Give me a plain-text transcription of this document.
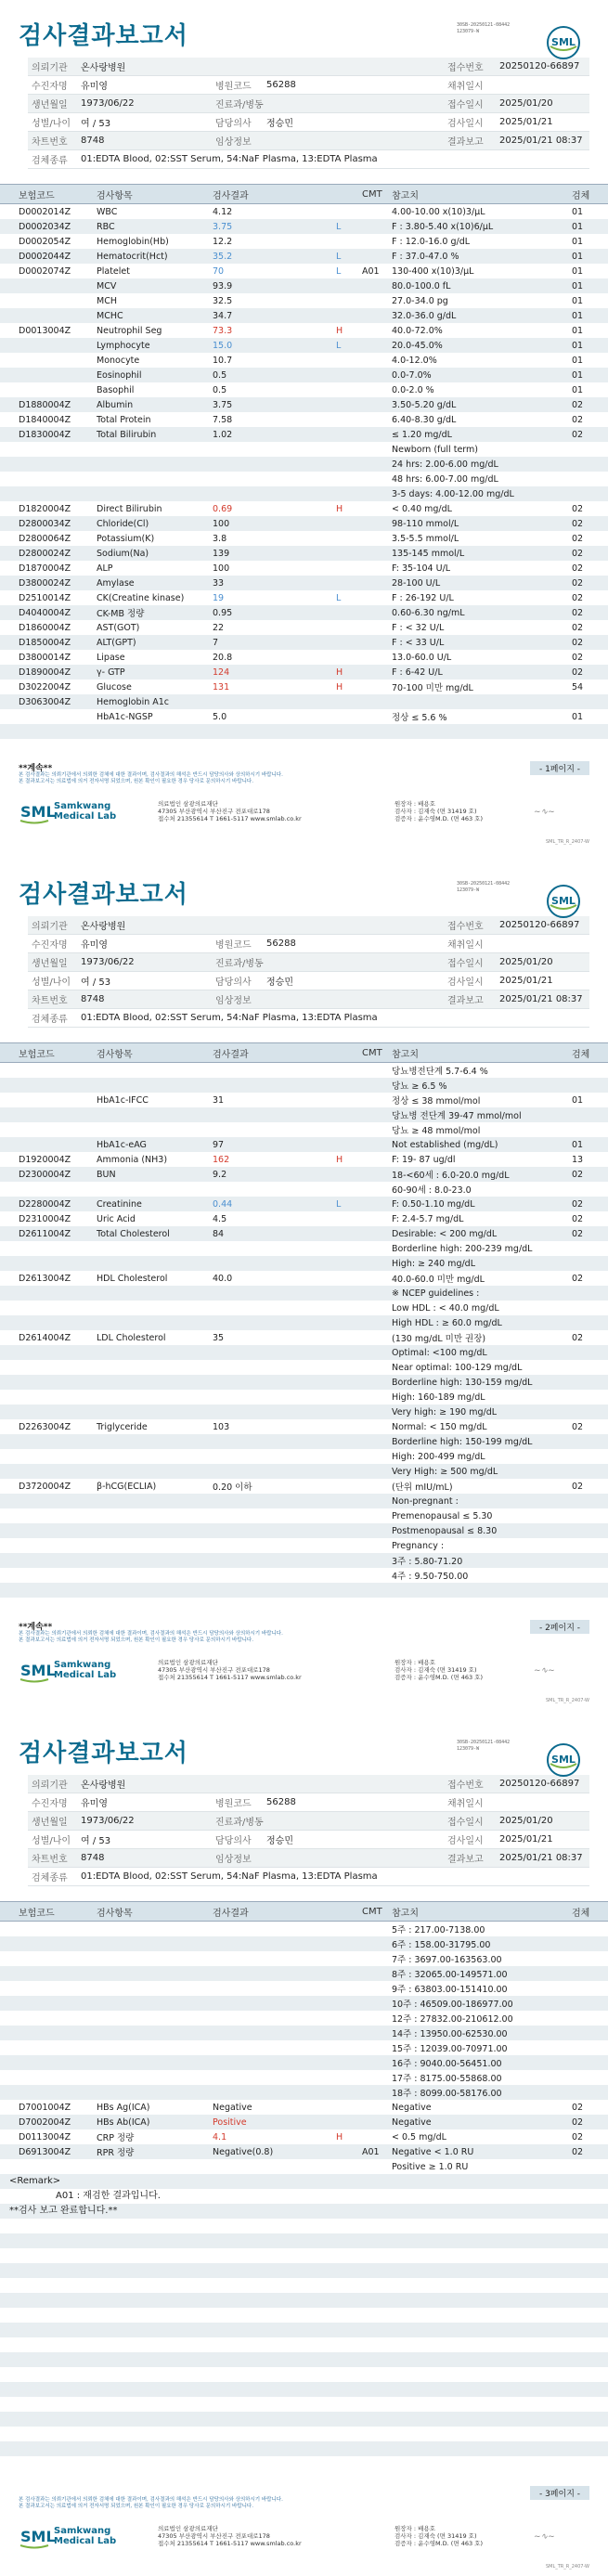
검사결과보고서	30SB-20250121-08442
123079-W
SML
의뢰기관	온사랑병원	접수번호	20250120-66897
수진자명	유미영	병원코드	56288	채취일시
생년월일	1973/06/22	진료과/병동	접수일시	2025/01/20
성별/나이	여 / 53	담당의사	정승민	검사일시	2025/01/21
차트번호	8748	임상정보	결과보고	2025/01/21 08:37
검체종류	01:EDTA Blood, 02:SST Serum, 54:NaF Plasma, 13:EDTA Plasma
보험코드	검사항목	검사결과	CMT	참고치	검체
D0002014Z	WBC	4.12	4.00-10.00 x(10)3/μL	01
D0002034Z	RBC	3.75	L	F : 3.80-5.40 x(10)6/μL	01
D0002054Z	Hemoglobin(Hb)	12.2	F : 12.0-16.0 g/dL	01
D0002044Z	Hematocrit(Hct)	35.2	L	F : 37.0-47.0 %	01
D0002074Z	Platelet	70	L	A01	130-400 x(10)3/μL	01
MCV	93.9	80.0-100.0 fL	01
MCH	32.5	27.0-34.0 pg	01
MCHC	34.7	32.0-36.0 g/dL	01
D0013004Z	Neutrophil Seg	73.3	H	40.0-72.0%	01
Lymphocyte	15.0	L	20.0-45.0%	01
Monocyte	10.7	4.0-12.0%	01
Eosinophil	0.5	0.0-7.0%	01
Basophil	0.5	0.0-2.0 %	01
D1880004Z	Albumin	3.75	3.50-5.20 g/dL	02
D1840004Z	Total Protein	7.58	6.40-8.30 g/dL	02
D1830004Z	Total Bilirubin	1.02	≤ 1.20 mg/dL	02
Newborn (full term)
24 hrs: 2.00-6.00 mg/dL
48 hrs: 6.00-7.00 mg/dL
3-5 days: 4.00-12.00 mg/dL
D1820004Z	Direct Bilirubin	0.69	H	< 0.40 mg/dL	02
D2800034Z	Chloride(Cl)	100	98-110 mmol/L	02
D2800064Z	Potassium(K)	3.8	3.5-5.5 mmol/L	02
D2800024Z	Sodium(Na)	139	135-145 mmol/L	02
D1870004Z	ALP	100	F: 35-104 U/L	02
D3800024Z	Amylase	33	28-100 U/L	02
D2510014Z	CK(Creatine kinase)	19	L	F : 26-192 U/L	02
D4040004Z	CK-MB 정량	0.95	0.60-6.30 ng/mL	02
D1860004Z	AST(GOT)	22	F : < 32 U/L	02
D1850004Z	ALT(GPT)	7	F : < 33 U/L	02
D3800014Z	Lipase	20.8	13.0-60.0 U/L	02
D1890004Z	γ- GTP	124	H	F : 6-42 U/L	02
D3022004Z	Glucose	131	H	70-100 미만 mg/dL	54
D3063004Z	Hemoglobin A1c
HbA1c-NGSP	5.0	정상 ≤ 5.6 %	01
**계속**	- 1페이지 -
본 검사결과는 의뢰기관에서 의뢰한 검체에 대한 결과이며, 검사결과의 해석은 반드시 담당의사와 상의하시기 바랍니다.
본 결과보고서는 의료법에 의거 전자서명 되었으며, 원본 확인이 필요한 경우 당사로 문의하시기 바랍니다.
SML
Samkwang
Medical Lab
의료법인 삼광의료재단
47305 부산광역시 부산진구 전포대로178
접수처 21355614 T 1661-5117 www.smlab.co.kr
원장자 : 배용호
검사자 : 김재숙 (면 31419 호)
검증자 : 윤수영M.D. (면 463 호)
~∿~
SML_TR_R_2407-W
검사결과보고서	30SB-20250121-08442
123079-W
SML
의뢰기관	온사랑병원	접수번호	20250120-66897
수진자명	유미영	병원코드	56288	채취일시
생년월일	1973/06/22	진료과/병동	접수일시	2025/01/20
성별/나이	여 / 53	담당의사	정승민	검사일시	2025/01/21
차트번호	8748	임상정보	결과보고	2025/01/21 08:37
검체종류	01:EDTA Blood, 02:SST Serum, 54:NaF Plasma, 13:EDTA Plasma
보험코드	검사항목	검사결과	CMT	참고치	검체
당뇨병전단계 5.7-6.4 %
당뇨 ≥ 6.5 %
HbA1c-IFCC	31	정상 ≤ 38 mmol/mol	01
당뇨병 전단계 39-47 mmol/mol
당뇨 ≥ 48 mmol/mol
HbA1c-eAG	97	Not established (mg/dL)	01
D1920004Z	Ammonia (NH3)	162	H	F: 19- 87 ug/dl	13
D2300004Z	BUN	9.2	18-<60세 : 6.0-20.0 mg/dL	02
60-90세 : 8.0-23.0
D2280004Z	Creatinine	0.44	L	F: 0.50-1.10 mg/dL	02
D2310004Z	Uric Acid	4.5	F: 2.4-5.7 mg/dL	02
D2611004Z	Total Cholesterol	84	Desirable: < 200 mg/dL	02
Borderline high: 200-239 mg/dL
High: ≥ 240 mg/dL
D2613004Z	HDL Cholesterol	40.0	40.0-60.0 미만 mg/dL	02
※ NCEP guidelines :
Low HDL : < 40.0 mg/dL
High HDL : ≥ 60.0 mg/dL
D2614004Z	LDL Cholesterol	35	(130 mg/dL 미만 권장)	02
Optimal: <100 mg/dL
Near optimal: 100-129 mg/dL
Borderline high: 130-159 mg/dL
High: 160-189 mg/dL
Very high: ≥ 190 mg/dL
D2263004Z	Triglyceride	103	Normal: < 150 mg/dL	02
Borderline high: 150-199 mg/dL
High: 200-499 mg/dL
Very High: ≥ 500 mg/dL
D3720004Z	β-hCG(ECLIA)	0.20 이하	(단위 mIU/mL)	02
Non-pregnant :
Premenopausal ≤ 5.30
Postmenopausal ≤ 8.30
Pregnancy :
3주 : 5.80-71.20
4주 : 9.50-750.00
**계속**	- 2페이지 -
본 검사결과는 의뢰기관에서 의뢰한 검체에 대한 결과이며, 검사결과의 해석은 반드시 담당의사와 상의하시기 바랍니다.
본 결과보고서는 의료법에 의거 전자서명 되었으며, 원본 확인이 필요한 경우 당사로 문의하시기 바랍니다.
SML
Samkwang
Medical Lab
의료법인 삼광의료재단
47305 부산광역시 부산진구 전포대로178
접수처 21355614 T 1661-5117 www.smlab.co.kr
원장자 : 배용호
검사자 : 김재숙 (면 31419 호)
검증자 : 윤수영M.D. (면 463 호)
~∿~
SML_TR_R_2407-W
검사결과보고서	30SB-20250121-08442
123079-W
SML
의뢰기관	온사랑병원	접수번호	20250120-66897
수진자명	유미영	병원코드	56288	채취일시
생년월일	1973/06/22	진료과/병동	접수일시	2025/01/20
성별/나이	여 / 53	담당의사	정승민	검사일시	2025/01/21
차트번호	8748	임상정보	결과보고	2025/01/21 08:37
검체종류	01:EDTA Blood, 02:SST Serum, 54:NaF Plasma, 13:EDTA Plasma
보험코드	검사항목	검사결과	CMT	참고치	검체
5주 : 217.00-7138.00
6주 : 158.00-31795.00
7주 : 3697.00-163563.00
8주 : 32065.00-149571.00
9주 : 63803.00-151410.00
10주 : 46509.00-186977.00
12주 : 27832.00-210612.00
14주 : 13950.00-62530.00
15주 : 12039.00-70971.00
16주 : 9040.00-56451.00
17주 : 8175.00-55868.00
18주 : 8099.00-58176.00
D7001004Z	HBs Ag(ICA)	Negative	Negative	02
D7002004Z	HBs Ab(ICA)	Positive	Negative	02
D0113004Z	CRP 정량	4.1	H	< 0.5 mg/dL	02
D6913004Z	RPR 정량	Negative(0.8)	A01	Negative < 1.0 RU	02
Positive ≥ 1.0 RU
<Remark>
A01 : 재검한 결과입니다.
**검사 보고 완료합니다.**
- 3페이지 -
본 검사결과는 의뢰기관에서 의뢰한 검체에 대한 결과이며, 검사결과의 해석은 반드시 담당의사와 상의하시기 바랍니다.
본 결과보고서는 의료법에 의거 전자서명 되었으며, 원본 확인이 필요한 경우 당사로 문의하시기 바랍니다.
SML
Samkwang
Medical Lab
의료법인 삼광의료재단
47305 부산광역시 부산진구 전포대로178
접수처 21355614 T 1661-5117 www.smlab.co.kr
원장자 : 배용호
검사자 : 김재숙 (면 31419 호)
검증자 : 윤수영M.D. (면 463 호)
~∿~
SML_TR_R_2407-W
